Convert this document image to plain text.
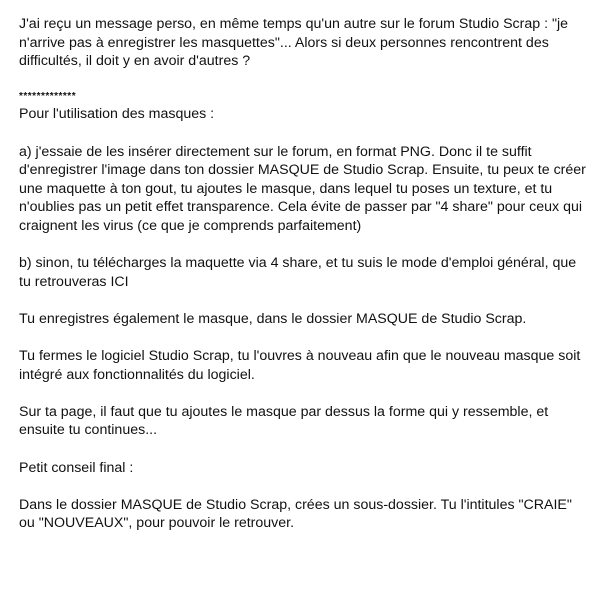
J'ai reçu un message perso, en même temps qu'un autre sur le forum Studio Scrap : "je n'arrive pas à enregistrer les masquettes"... Alors si deux personnes rencontrent des difficultés, il doit y en avoir d'autres ?

*************

Pour l'utilisation des masques :

a) j'essaie de les insérer directement sur le forum, en format PNG. Donc il te suffit d'enregistrer l'image dans ton dossier MASQUE de Studio Scrap. Ensuite, tu peux te créer une maquette à ton gout, tu ajoutes le masque, dans lequel tu poses un texture, et tu n'oublies pas un petit effet transparence. Cela évite de passer par "4 share" pour ceux qui craignent les virus (ce que je comprends parfaitement)

b) sinon, tu télécharges la maquette via 4 share, et tu suis le mode d'emploi général, que tu retrouveras ICI

Tu enregistres également le masque, dans le dossier MASQUE de Studio Scrap.

Tu fermes le logiciel Studio Scrap, tu l'ouvres à nouveau afin que le nouveau masque soit intégré aux fonctionnalités du logiciel.

Sur ta page, il faut que tu ajoutes le masque par dessus la forme qui y ressemble, et ensuite tu continues...

Petit conseil final :

Dans le dossier MASQUE de Studio Scrap, crées un sous-dossier. Tu l'intitules "CRAIE" ou "NOUVEAUX", pour pouvoir le retrouver.
